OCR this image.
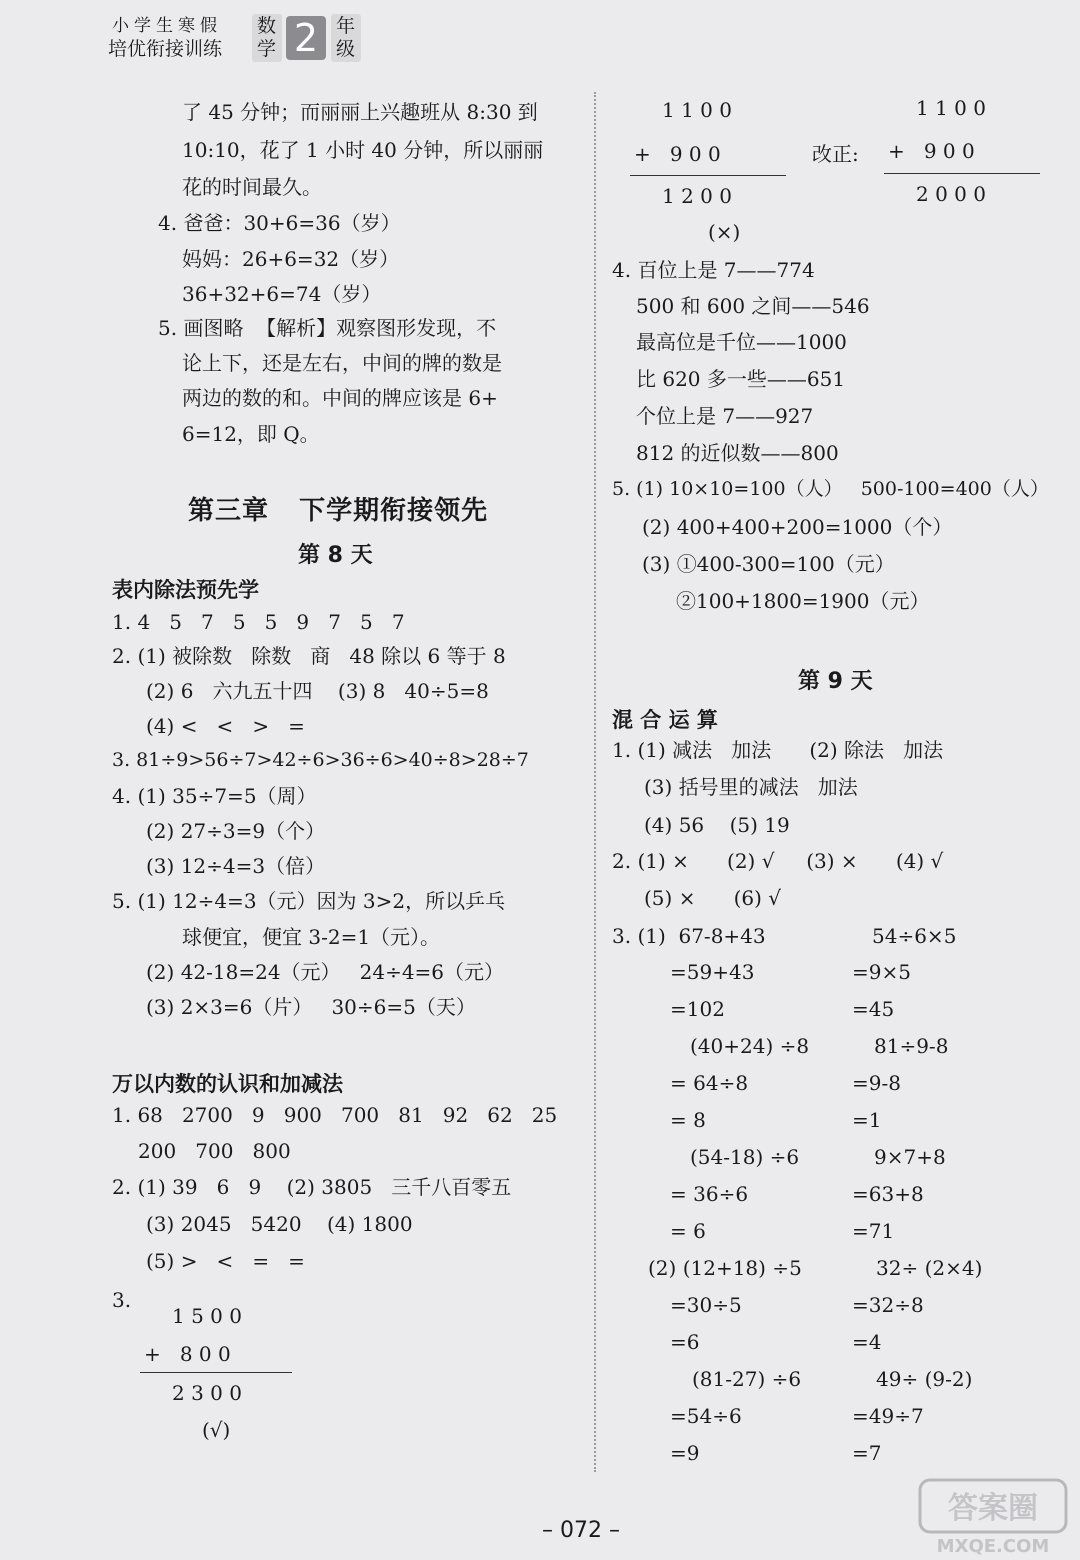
小学生寒假
培优衔接训练
数
学 2 年
级
了 45 分钟；而丽丽上兴趣班从 8:30 到
10:10，花了 1 小时 40 分钟，所以丽丽
花的时间最久。
4. 爸爸：30+6=36（岁）
妈妈：26+6=32（岁）
36+32+6=74（岁）
5. 画图略  【解析】观察图形发现，不
论上下，还是左右，中间的牌的数是
两边的数的和。中间的牌应该是 6+
6=12，即 Q。
第三章   下学期衔接领先
第 8 天
表内除法预先学
1. 4   5   7   5   5   9   7   5   7
2. (1) 被除数   除数   商   48 除以 6 等于 8
(2) 6   六九五十四    (3) 8   40÷5=8
(4) <   <   >   =
3. 81÷9>56÷7>42÷6>36÷6>40÷8>28÷7
4. (1) 35÷7=5（周）
(2) 27÷3=9（个）
(3) 12÷4=3（倍）
5. (1) 12÷4=3（元）因为 3>2，所以乒乓
球便宜，便宜 3-2=1（元）。
(2) 42-18=24（元）   24÷4=6（元）
(3) 2×3=6（片）   30÷6=5（天）
万以内数的认识和加减法
1. 68   2700   9   900   700   81   92   62   25
200   700   800
2. (1) 39   6   9    (2) 3805   三千八百零五
(3) 2045   5420    (4) 1800
(5) >   <   =   =
3.
1 5 0 0
+   8 0 0
2 3 0 0
(√)
1 1 0 0
+   9 0 0
1 2 0 0
(×)
改正:
1 1 0 0
+   9 0 0
2 0 0 0
4. 百位上是 7——774
500 和 600 之间——546
最高位是千位——1000
比 620 多一些——651
个位上是 7——927
812 的近似数——800
5. (1) 10×10=100（人）   500-100=400（人）
(2) 400+400+200=1000（个）
(3) ①400-300=100（元）
②100+1800=1900（元）
第 9 天
混 合 运 算
1. (1) 减法   加法      (2) 除法   加法
(3) 括号里的减法   加法
(4) 56    (5) 19
2. (1) ×      (2) √     (3) ×      (4) √
(5) ×      (6) √
3. (1)  67-8+43
=59+43
=102
(40+24) ÷8
= 64÷8
= 8
(54-18) ÷6
= 36÷6
= 6
54÷6×5
=9×5
=45
81÷9-8
=9-8
=1
9×7+8
=63+8
=71
(2) (12+18) ÷5
=30÷5
=6
(81-27) ÷6
=54÷6
=9
32÷ (2×4)
=32÷8
=4
49÷ (9-2)
=49÷7
=7
– 072 –
答案圈
MXQE.COM
